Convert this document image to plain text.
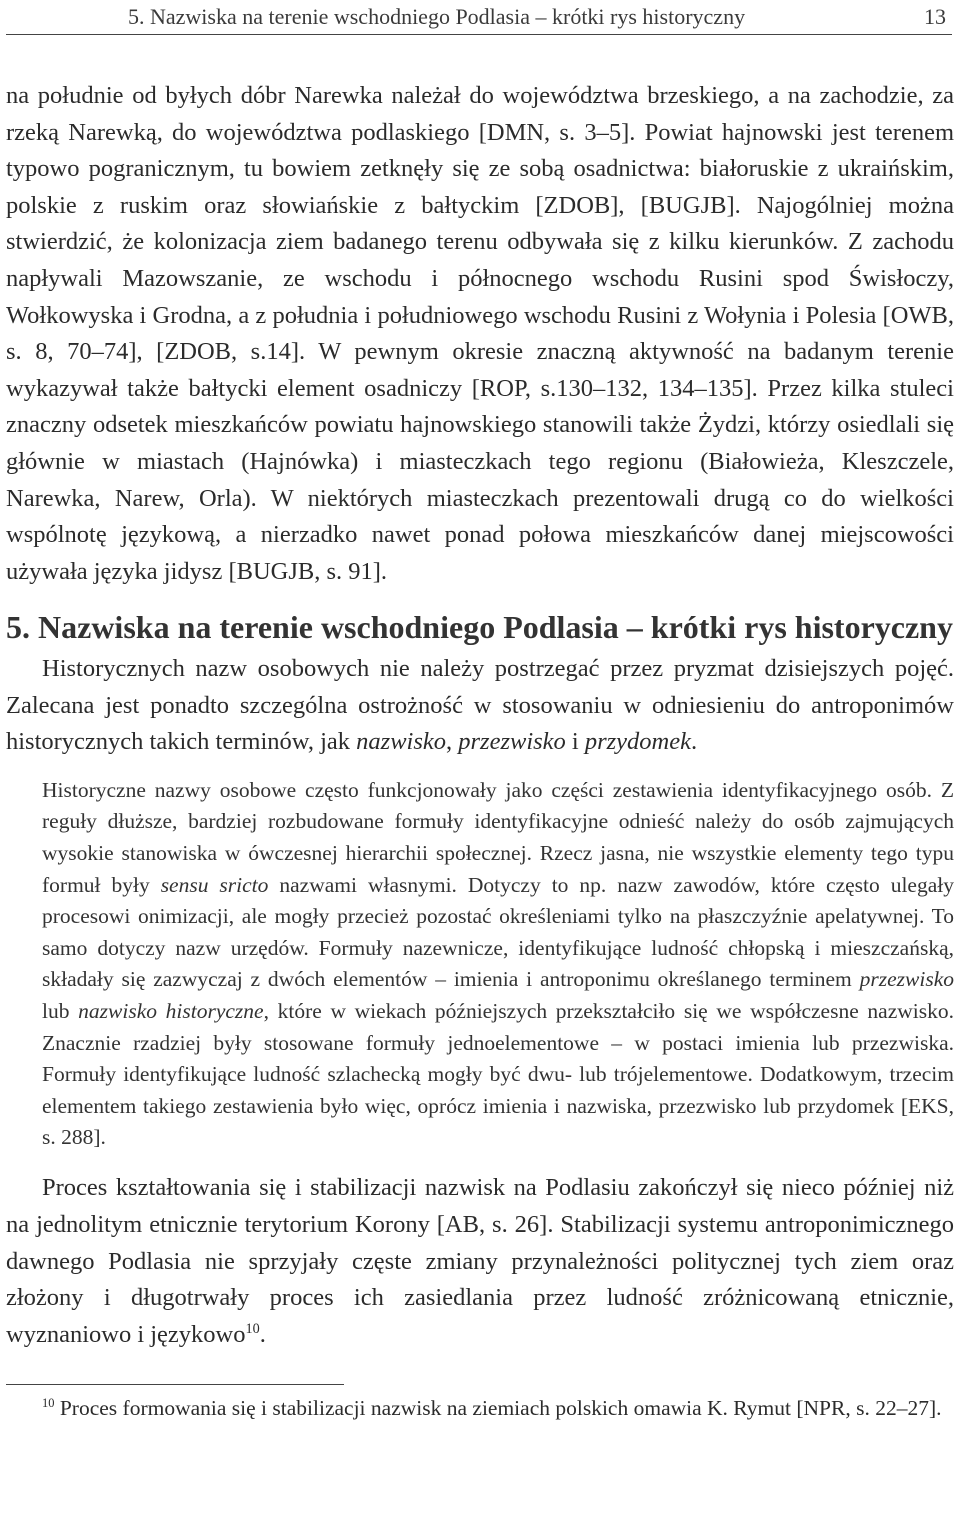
5. Nazwiska na terenie wschodniego Podlasia – krótki rys historyczny	13

na południe od byłych dóbr Narewka należał do województwa brzeskiego, a na zachodzie, za rzeką Narewką, do województwa podlaskiego [DMN, s. 3–5]. Powiat hajnowski jest terenem typowo pogranicznym, tu bowiem zetknęły się ze sobą osadnictwa: białoruskie z ukraińskim, polskie z ruskim oraz słowiańskie z bałtyckim [ZDOB], [BUGJB]. Najogólniej można stwierdzić, że kolonizacja ziem badanego terenu odbywała się z kilku kierunków. Z zachodu napływali Mazowszanie, ze wschodu i północnego wschodu Rusini spod Świsłoczy, Wołkowyska i Grodna, a z południa i południowego wschodu Rusini z Wołynia i Polesia [OWB, s. 8, 70–74], [ZDOB, s.14]. W pewnym okresie znaczną aktywność na badanym terenie wykazywał także bałtycki element osadniczy [ROP, s.130–132, 134–135]. Przez kilka stuleci znaczny odsetek mieszkańców powiatu hajnowskiego stanowili także Żydzi, którzy osiedlali się głównie w miastach (Hajnówka) i miasteczkach tego regionu (Białowieża, Kleszczele, Narewka, Narew, Orla). W niektórych miasteczkach prezentowali drugą co do wielkości wspólnotę językową, a nierzadko nawet ponad połowa mieszkańców danej miejscowości używała języka jidysz [BUGJB, s. 91].

5. Nazwiska na terenie wschodniego Podlasia – krótki rys historyczny

Historycznych nazw osobowych nie należy postrzegać przez pryzmat dzisiejszych pojęć. Zalecana jest ponadto szczególna ostrożność w stosowaniu w odniesieniu do antroponimów historycznych takich terminów, jak nazwisko, przezwisko i przydomek.

Historyczne nazwy osobowe często funkcjonowały jako części zestawienia identyfikacyjnego osób. Z reguły dłuższe, bardziej rozbudowane formuły identyfikacyjne odnieść należy do osób zajmujących wysokie stanowiska w ówczesnej hierarchii społecznej. Rzecz jasna, nie wszystkie elementy tego typu formuł były sensu sricto nazwami własnymi. Dotyczy to np. nazw zawodów, które często ulegały procesowi onimizacji, ale mogły przecież pozostać określeniami tylko na płaszczyźnie apelatywnej. To samo dotyczy nazw urzędów. Formuły nazewnicze, identyfikujące ludność chłopską i mieszczańską, składały się zazwyczaj z dwóch elementów – imienia i antroponimu określanego terminem przezwisko lub nazwisko historyczne, które w wiekach późniejszych przekształciło się we współczesne nazwisko. Znacznie rzadziej były stosowane formuły jednoelementowe – w postaci imienia lub przezwiska. Formuły identyfikujące ludność szlachecką mogły być dwu- lub trójelementowe. Dodatkowym, trzecim elementem takiego zestawienia było więc, oprócz imienia i nazwiska, przezwisko lub przydomek [EKS, s. 288].

Proces kształtowania się i stabilizacji nazwisk na Podlasiu zakończył się nieco później niż na jednolitym etnicznie terytorium Korony [AB, s. 26]. Stabilizacji systemu antroponimicznego dawnego Podlasia nie sprzyjały częste zmiany przynależności politycznej tych ziem oraz złożony i długotrwały proces ich zasiedlania przez ludność zróżnicowaną etnicznie, wyznaniowo i językowo$^{10}$.

$^{10}$ Proces formowania się i stabilizacji nazwisk na ziemiach polskich omawia K. Rymut [NPR, s. 22–27].
